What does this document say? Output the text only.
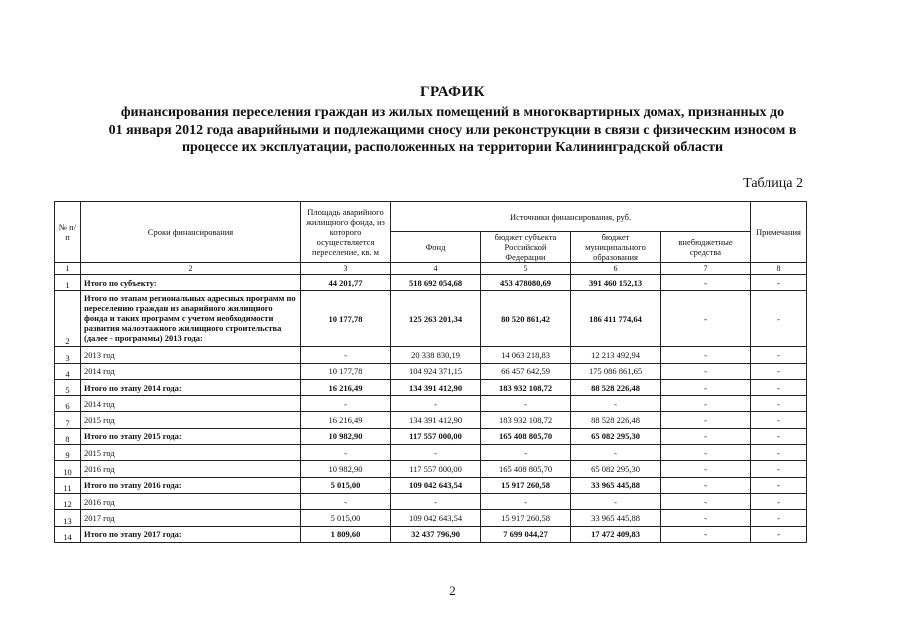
ГРАФИК
финансирования переселения граждан из жилых помещений в многоквартирных домах, признанных до
01 января 2012 года аварийными и подлежащими сносу или реконструкции в связи с физическим износом в
процессе их эксплуатации, расположенных на территории Калининградской области
Таблица 2
№ п/п	Сроки финансирования	Площадь аварийного жилищного фонда, из которого осуществляется переселение, кв. м	Источники финансирования, руб.				Примечания
			Фонд	бюджет субъекта Российской Федерации	бюджет муниципального образования	внебюджетные средства	
1	2	3	4	5	6	7	8
1	Итого по субъекту:	44 201,77	518 692 054,68	453 478080,69	391 460 152,13	-	-
2	Итого по этапам региональных адресных программ по переселению граждан из аварийного жилищного фонда и таких программ с учетом необходимости развития малоэтажного жилищного строительства (далее - программы) 2013 года:	10 177,78	125 263 201,34	80 520 861,42	186 411 774,64	-	-
3	2013 год	-	20 338 830,19	14 063 218,83	12 213 492,94	-	-
4	2014 год	10 177,78	104 924 371,15	66 457 642,59	175 086 861,65	-	-
5	Итого по этапу 2014 года:	16 216,49	134 391 412,90	183 932 108,72	88 528 226,48	-	-
6	2014 год	-	-	-	-	-	-
7	2015 год	16 216,49	134 391 412,90	183 932 108,72	88 528 226,48	-	-
8	Итого по этапу 2015 года:	10 982,90	117 557 000,00	165 408 805,70	65 082 295,30	-	-
9	2015 год	-	-	-	-	-	-
10	2016 год	10 982,90	117 557 000,00	165 408 805,70	65 082 295,30	-	-
11	Итого по этапу 2016 года:	5 015,00	109 042 643,54	15 917 260,58	33 965 445,88	-	-
12	2016 год	-	-	-	-	-	-
13	2017 год	5 015,00	109 042 643,54	15 917 260,58	33 965 445,88	-	-
14	Итого по этапу 2017 года:	1 809,60	32 437 796,90	7 699 044,27	17 472 409,83	-	-
2
